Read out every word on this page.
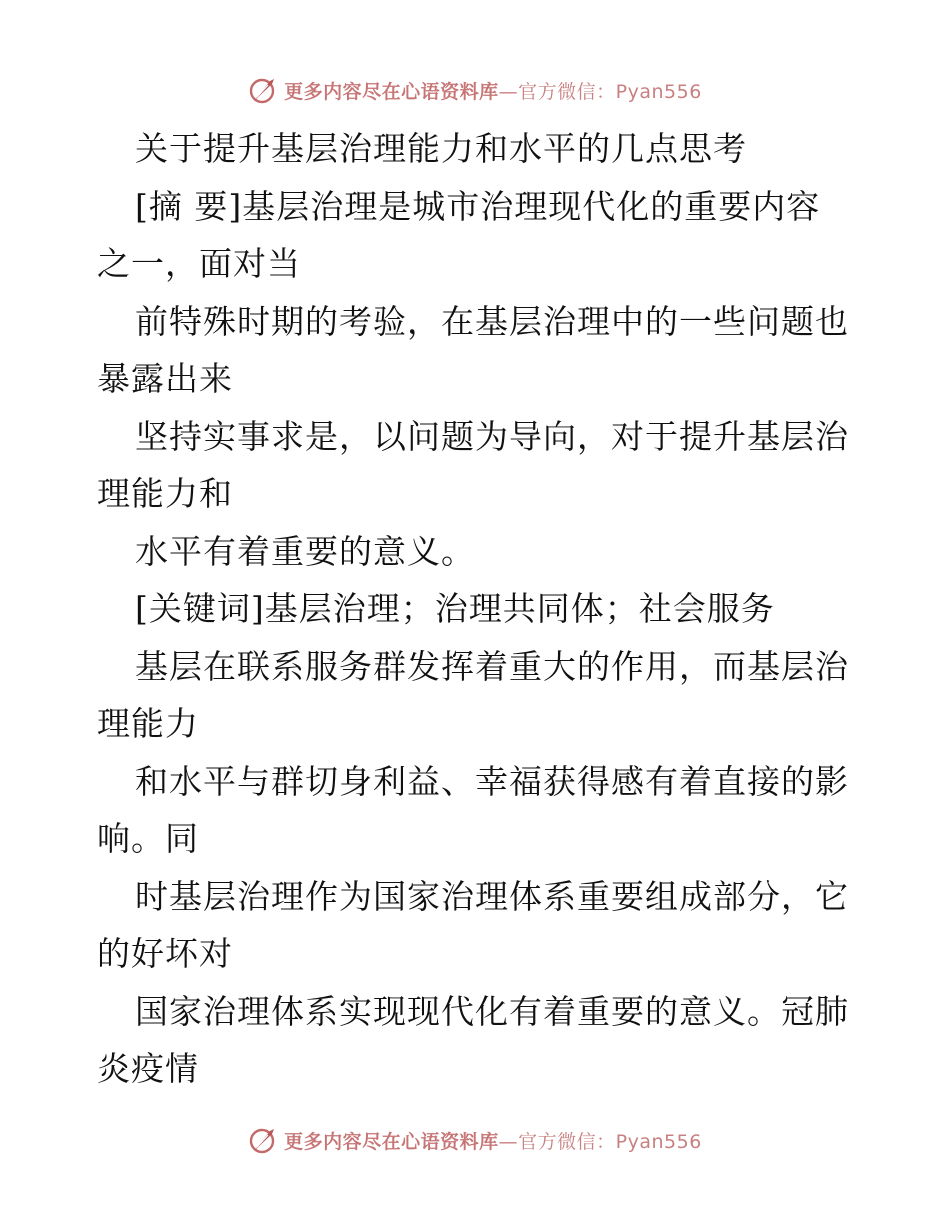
更多内容尽在心语资料库—官方微信：Pyan556

关于提升基层治理能力和水平的几点思考

[摘 要]基层治理是城市治理现代化的重要内容

之一，面对当

前特殊时期的考验，在基层治理中的一些问题也

暴露出来

坚持实事求是，以问题为导向，对于提升基层治

理能力和

水平有着重要的意义。

[关键词]基层治理；治理共同体；社会服务

基层在联系服务群发挥着重大的作用，而基层治

理能力

和水平与群切身利益、幸福获得感有着直接的影

响。同

时基层治理作为国家治理体系重要组成部分，它

的好坏对

国家治理体系实现现代化有着重要的意义。冠肺

炎疫情

更多内容尽在心语资料库—官方微信：Pyan556
